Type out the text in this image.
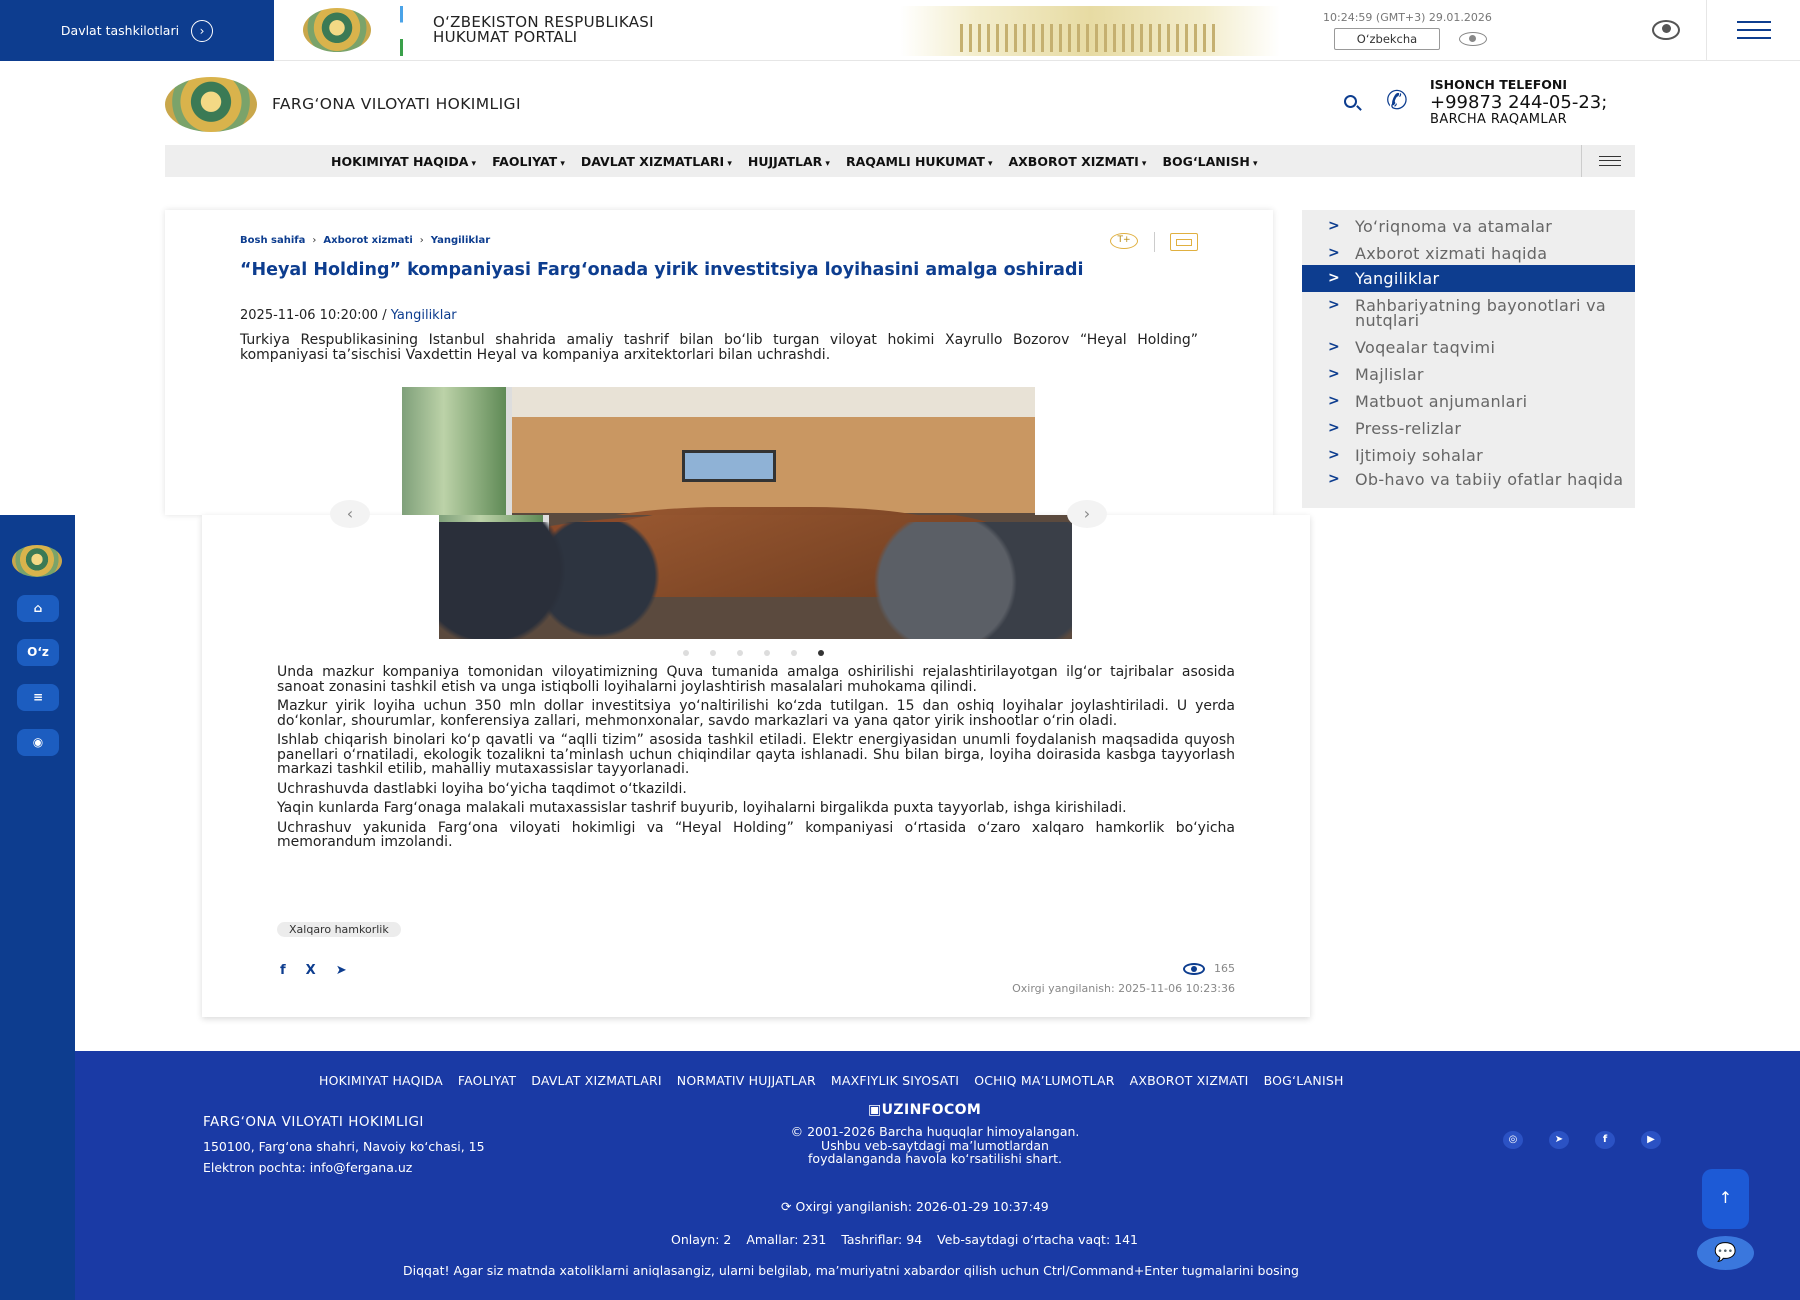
Davlat tashkilotlari	›	O‘ZBEKISTON RESPUBLIKASI
HUKUMAT PORTALI
10:24:59 (GMT+3) 29.01.2026
O‘zbekcha
FARG‘ONA VILOYATI HOKIMLIGI	✆
ISHONCH TELEFONI
+99873 244-05-23;
BARCHA RAQAMLAR
HOKIMIYAT HAQIDA ▾	FAOLIYAT ▾	DAVLAT XIZMATLARI ▾	HUJJATLAR ▾	RAQAMLI HUKUMAT ▾	AXBOROT XIZMATI ▾	BOG‘LANISH ▾
Bosh sahifa › Axborot xizmati › Yangiliklar	T+
“Heyal Holding” kompaniyasi Farg‘onada yirik investitsiya loyihasini amalga oshiradi
2025-11-06 10:20:00 / Yangiliklar
Turkiya Respublikasining Istanbul shahrida amaliy tashrif bilan bo‘lib turgan viloyat hokimi Xayrullo Bozorov “Heyal Holding” kompaniyasi ta’sischisi Vaxdettin Heyal va kompaniya arxitektorlari bilan uchrashdi.
‹	›

Unda mazkur kompaniya tomonidan viloyatimizning Quva tumanida amalga oshirilishi rejalashtirilayotgan ilg‘or tajribalar asosida sanoat zonasini tashkil etish va unga istiqbolli loyihalarni joylashtirish masalalari muhokama qilindi.

Mazkur yirik loyiha uchun 350 mln dollar investitsiya yo‘naltirilishi ko‘zda tutilgan. 15 dan oshiq loyihalar joylashtiriladi. U yerda do‘konlar, shourumlar, konferensiya zallari, mehmonxonalar, savdo markazlari va yana qator yirik inshootlar o‘rin oladi.

Ishlab chiqarish binolari ko‘p qavatli va “aqlli tizim” asosida tashkil etiladi. Elektr energiyasidan unumli foydalanish maqsadida quyosh panellari o‘rnatiladi, ekologik tozalikni ta’minlash uchun chiqindilar qayta ishlanadi. Shu bilan birga, loyiha doirasida kasbga tayyorlash markazi tashkil etilib, mahalliy mutaxassislar tayyorlanadi.

Uchrashuvda dastlabki loyiha bo‘yicha taqdimot o‘tkazildi.

Yaqin kunlarda Farg‘onaga malakali mutaxassislar tashrif buyurib, loyihalarni birgalikda puxta tayyorlab, ishga kirishiladi.

Uchrashuv yakunida Farg‘ona viloyati hokimligi va “Heyal Holding” kompaniyasi o‘rtasida o‘zaro xalqaro hamkorlik bo‘yicha memorandum imzolandi.

Xalqaro hamkorlik
f X ➤	165
Oxirgi yangilanish: 2025-11-06 10:23:36
> Yo‘riqnoma va atamalar
> Axborot xizmati haqida
> Yangiliklar
> Rahbariyatning bayonotlari va nutqlari
> Voqealar taqvimi
> Majlislar
> Matbuot anjumanlari
> Press-relizlar
> Ijtimoiy sohalar
> Ob-havo va tabiiy ofatlar haqida
⌂
O‘z
≡
◉
HOKIMIYAT HAQIDA FAOLIYAT DAVLAT XIZMATLARI NORMATIV HUJJATLAR MAXFIYLIK SIYOSATI OCHIQ MA’LUMOTLAR AXBOROT XIZMATI BOG‘LANISH
FARG‘ONA VILOYATI HOKIMLIGI
150100, Farg‘ona shahri, Navoiy ko‘chasi, 15
Elektron pochta: info@fergana.uz
▣UZINFOCOM
© 2001-2026 Barcha huquqlar himoyalangan. Ushbu veb-saytdagi ma’lumotlardan foydalanganda havola ko‘rsatilishi shart.
⟳ Oxirgi yangilanish: 2026-01-29 10:37:49
Onlayn: 2 Amallar: 231 Tashriflar: 94 Veb-saytdagi o‘rtacha vaqt: 141
Diqqat! Agar siz matnda xatoliklarni aniqlasangiz, ularni belgilab, ma’muriyatni xabardor qilish uchun Ctrl/Command+Enter tugmalarini bosing
◎	➤	f	▶
↑
💬
